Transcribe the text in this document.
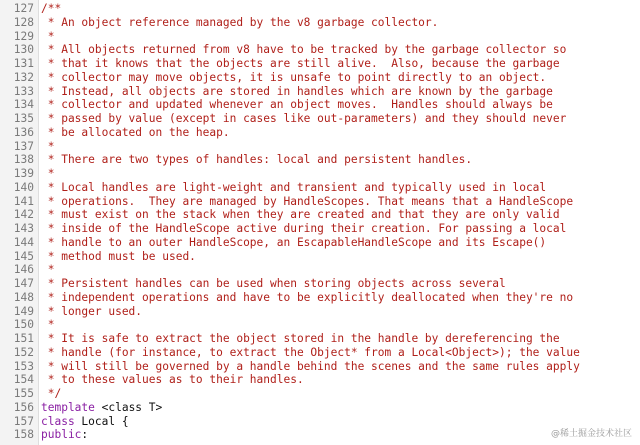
127 /**
128 * An object reference managed by the v8 garbage collector.
129 *
130 * All objects returned from v8 have to be tracked by the garbage collector so
131 * that it knows that the objects are still alive.  Also, because the garbage
132 * collector may move objects, it is unsafe to point directly to an object.
133 * Instead, all objects are stored in handles which are known by the garbage
134 * collector and updated whenever an object moves.  Handles should always be
135 * passed by value (except in cases like out-parameters) and they should never
136 * be allocated on the heap.
137 *
138 * There are two types of handles: local and persistent handles.
139 *
140 * Local handles are light-weight and transient and typically used in local
141 * operations.  They are managed by HandleScopes. That means that a HandleScope
142 * must exist on the stack when they are created and that they are only valid
143 * inside of the HandleScope active during their creation. For passing a local
144 * handle to an outer HandleScope, an EscapableHandleScope and its Escape()
145 * method must be used.
146 *
147 * Persistent handles can be used when storing objects across several
148 * independent operations and have to be explicitly deallocated when they're no
149 * longer used.
150 *
151 * It is safe to extract the object stored in the handle by dereferencing the
152 * handle (for instance, to extract the Object* from a Local<Object>); the value
153 * will still be governed by a handle behind the scenes and the same rules apply
154 * to these values as to their handles.
155 */
156 template <class T>
157 class Local {
158 public:	@稀土掘金技术社区
